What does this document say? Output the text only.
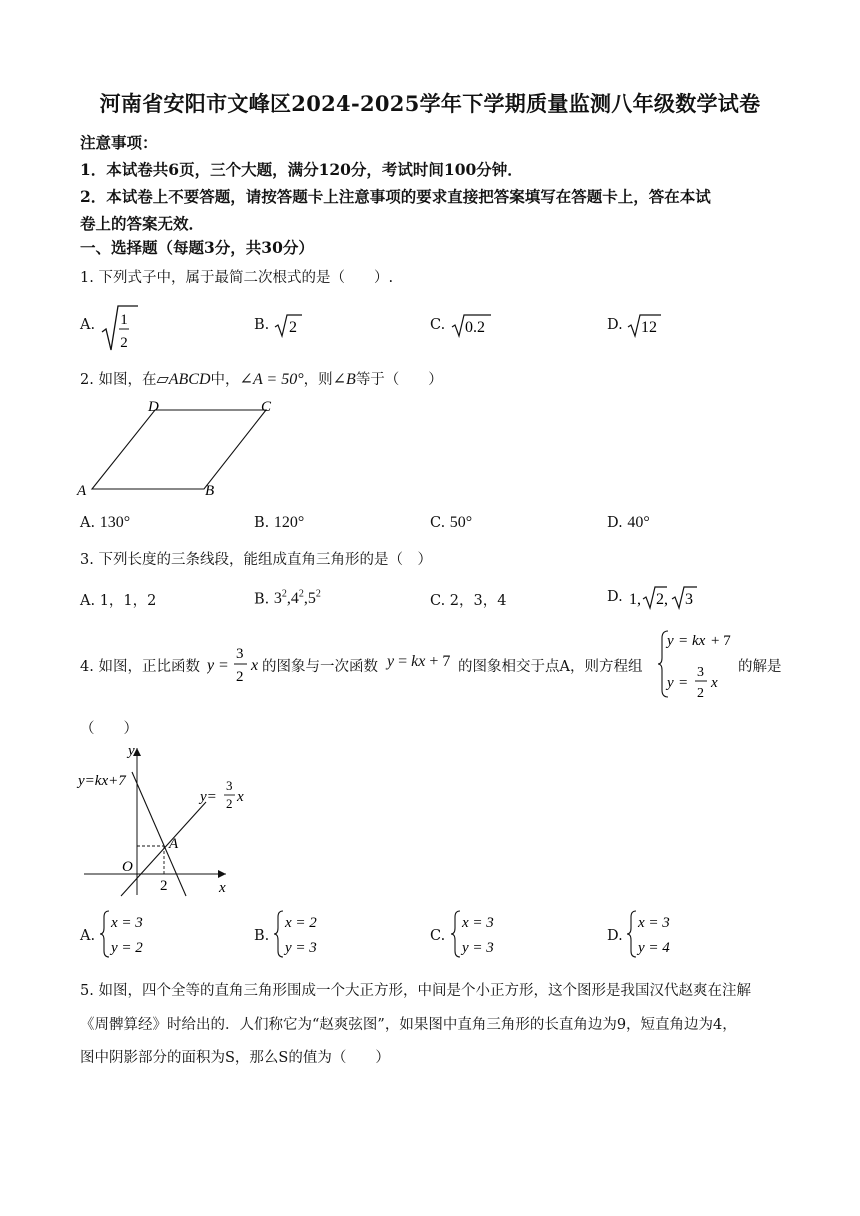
河南省安阳市文峰区2024-2025学年下学期质量监测八年级数学试卷
注意事项：
1．本试卷共6页，三个大题，满分120分，考试时间100分钟．
2．本试卷上不要答题，请按答题卡上注意事项的要求直接把答案填写在答题卡上，答在本试
卷上的答案无效．
一、选择题（每题3分，共30分）
1. 下列式子中，属于最简二次根式的是（　　）.
A. 1
2
B. 2	C. 0.2	D. 12
2. 如图，在▱ABCD中，∠A = 50°，则∠B等于（　　）
A	B
C
D
A. 130°	B. 120°	C. 50°	D. 40°
3. 下列长度的三条线段，能组成直角三角形的是（　）
A. 1，1，2	B. $3^2,4^2,5^2$	C. 2，3，4	D. 1, 2, 3
4. 如图，正比函数 y =
3
2
x 的图象与一次函数 y = kx + 7 的图象相交于点A，则方程组
y = kx + 7
y =
3
2
x
的解是
（　　）
y
x
O
A
2
y=kx+7
y=
3
2 x
A.
x = 3
y = 2
B.
x = 2
y = 3
C.
x = 3
y = 3
D.
x = 3
y = 4
5. 如图，四个全等的直角三角形围成一个大正方形，中间是个小正方形，这个图形是我国汉代赵爽在注解
《周髀算经》时给出的．人们称它为“赵爽弦图”，如果图中直角三角形的长直角边为9，短直角边为4，
图中阴影部分的面积为S，那么S的值为（　　）
